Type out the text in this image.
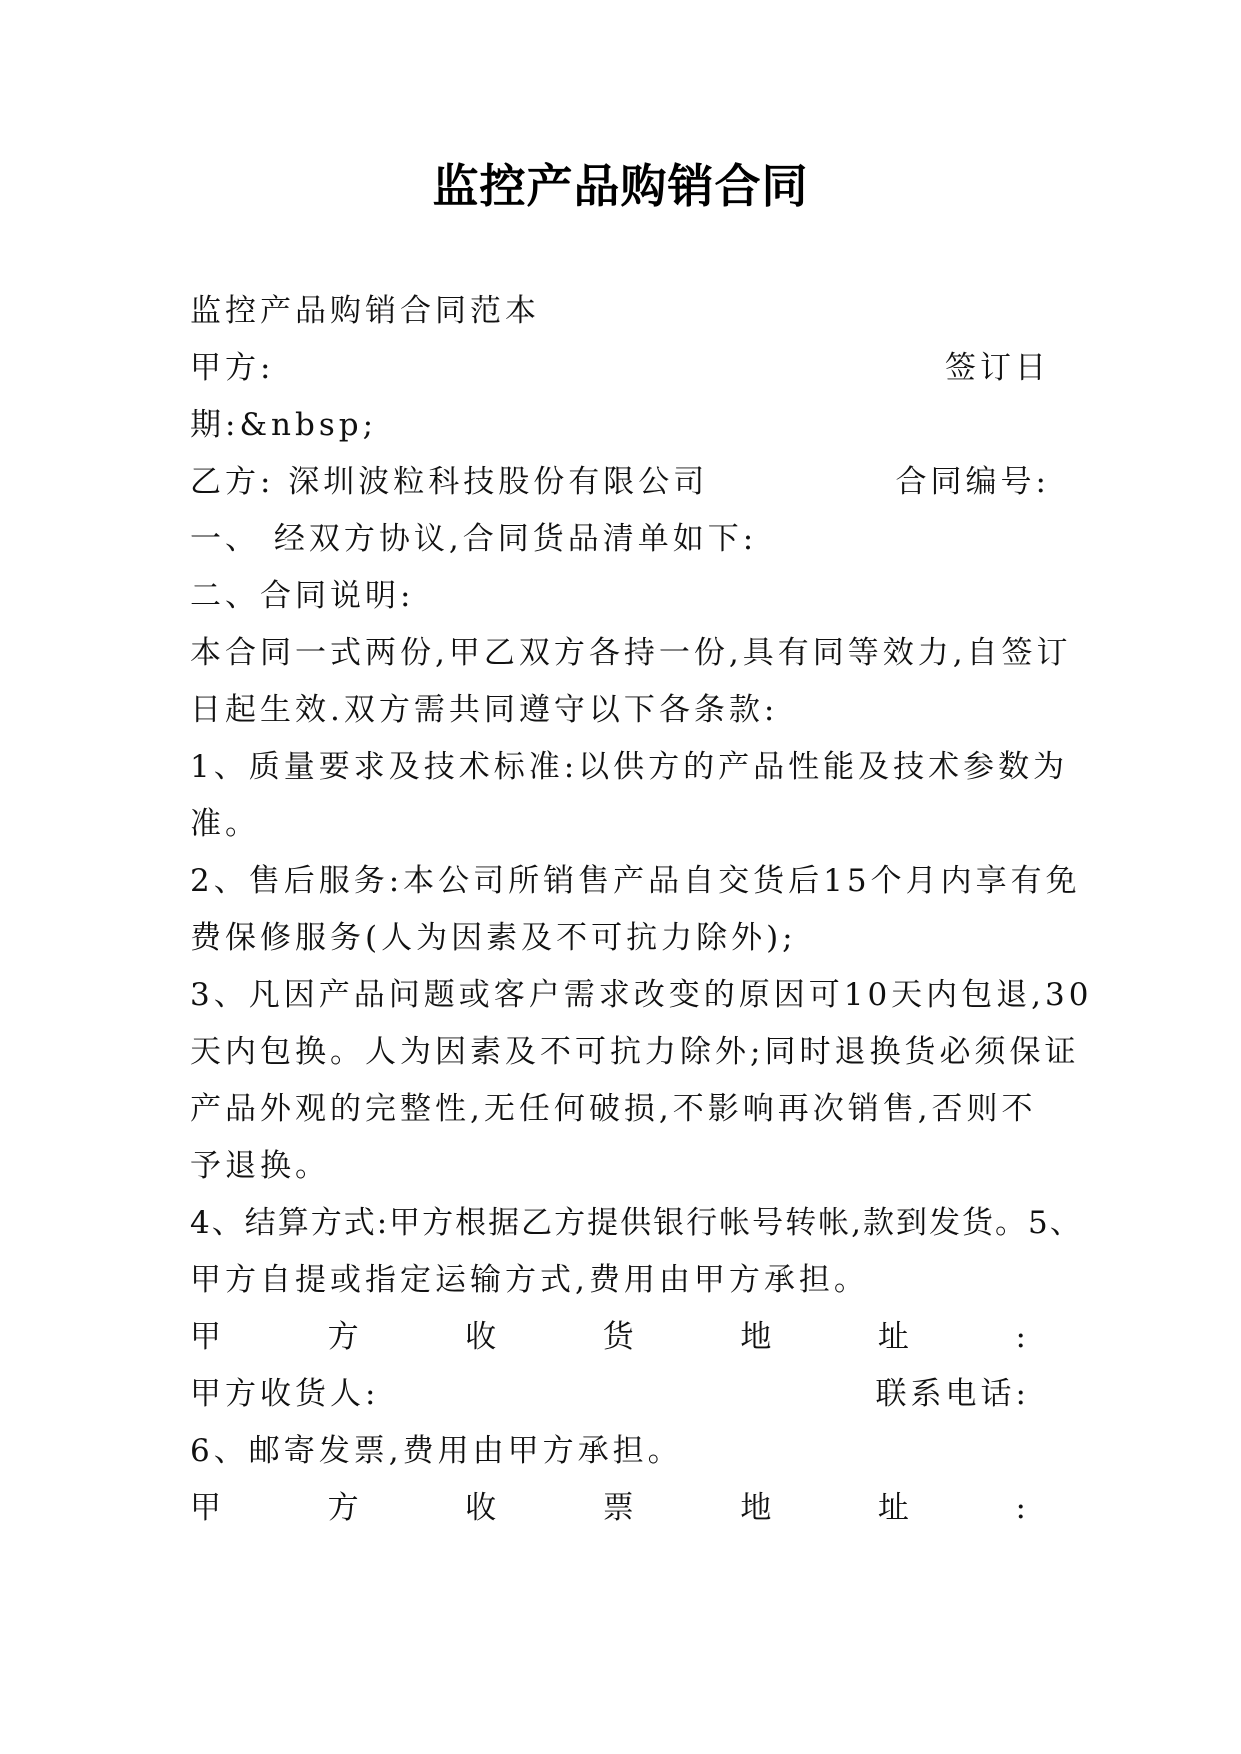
监控产品购销合同

监控产品购销合同范本

甲方:	签订日

期:&nbsp;

乙方: 深圳波粒科技股份有限公司	合同编号:

一、 经双方协议,合同货品清单如下:

二、合同说明:

本合同一式两份,甲乙双方各持一份,具有同等效力,自签订

日起生效.双方需共同遵守以下各条款:

1、质量要求及技术标准:以供方的产品性能及技术参数为

准。

2、售后服务:本公司所销售产品自交货后15个月内享有免

费保修服务(人为因素及不可抗力除外);

3、凡因产品问题或客户需求改变的原因可10天内包退,30

天内包换。人为因素及不可抗力除外;同时退换货必须保证

产品外观的完整性,无任何破损,不影响再次销售,否则不

予退换。

4、结算方式:甲方根据乙方提供银行帐号转帐,款到发货。5、

甲方自提或指定运输方式,费用由甲方承担。

甲	方	收	货	地	址	:
甲方收货人:	联系电话:

6、邮寄发票,费用由甲方承担。

甲	方	收	票	地	址	:
